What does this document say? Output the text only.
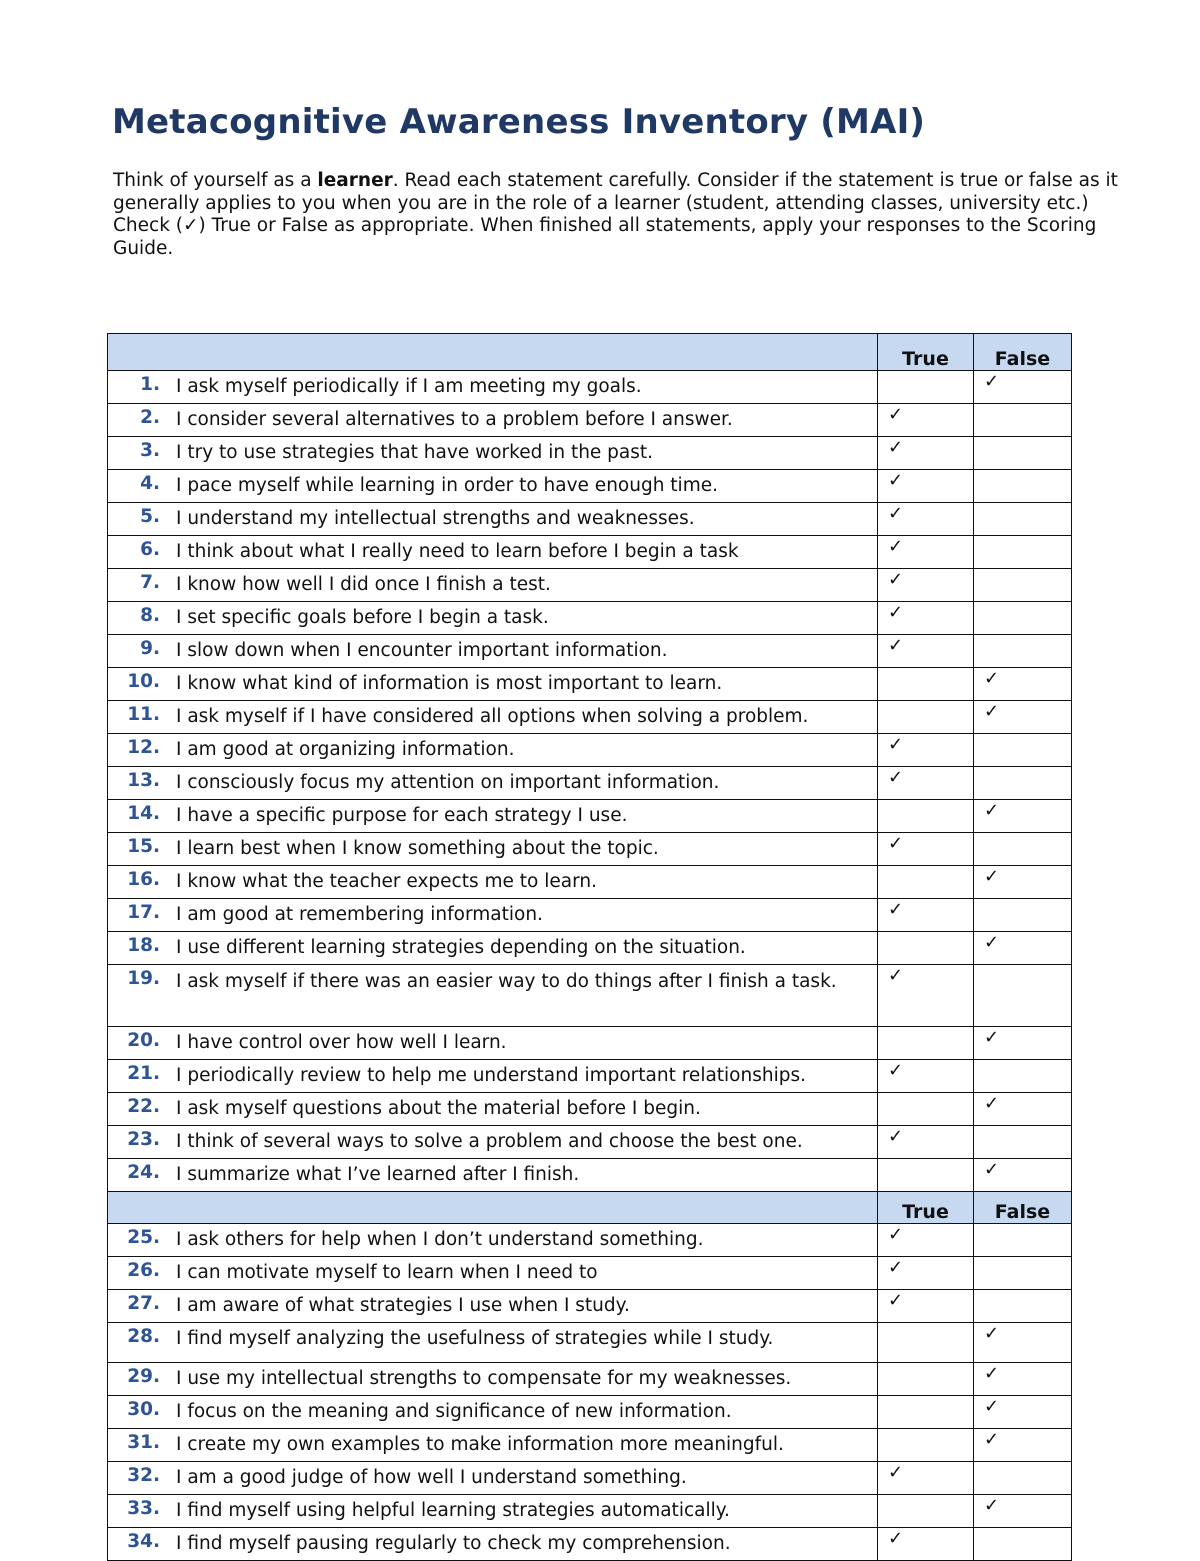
Metacognitive Awareness Inventory (MAI)

Think of yourself as a learner. Read each statement carefully. Consider if the statement is true or false as it

generally applies to you when you are in the role of a learner (student, attending classes, university etc.)

Check (✓) True or False as appropriate. When finished all statements, apply your responses to the Scoring Guide.

	True	False
1. I ask myself periodically if I am meeting my goals.		✓

2. I consider several alternatives to a problem before I answer.	✓	

3. I try to use strategies that have worked in the past.	✓	

4. I pace myself while learning in order to have enough time.	✓	

5. I understand my intellectual strengths and weaknesses.	✓	

6. I think about what I really need to learn before I begin a task	✓	

7. I know how well I did once I finish a test.	✓	

8. I set specific goals before I begin a task.	✓	

9. I slow down when I encounter important information.	✓	

10. I know what kind of information is most important to learn.		✓

11. I ask myself if I have considered all options when solving a problem.		✓

12. I am good at organizing information.	✓	

13. I consciously focus my attention on important information.	✓	

14. I have a specific purpose for each strategy I use.		✓

15. I learn best when I know something about the topic.	✓	

16. I know what the teacher expects me to learn.		✓

17. I am good at remembering information.	✓	

18. I use different learning strategies depending on the situation.		✓

19. I ask myself if there was an easier way to do things after I finish a task.	✓	

20. I have control over how well I learn.		✓

21. I periodically review to help me understand important relationships.	✓	

22. I ask myself questions about the material before I begin.		✓

23. I think of several ways to solve a problem and choose the best one.	✓	

24. I summarize what I’ve learned after I finish.		✓

	True	False
25. I ask others for help when I don’t understand something.	✓	

26. I can motivate myself to learn when I need to	✓	

27. I am aware of what strategies I use when I study.	✓	

28. I find myself analyzing the usefulness of strategies while I study.		✓

29. I use my intellectual strengths to compensate for my weaknesses.		✓

30. I focus on the meaning and significance of new information.		✓

31. I create my own examples to make information more meaningful.		✓

32. I am a good judge of how well I understand something.	✓	

33. I find myself using helpful learning strategies automatically.		✓

34. I find myself pausing regularly to check my comprehension.	✓	
